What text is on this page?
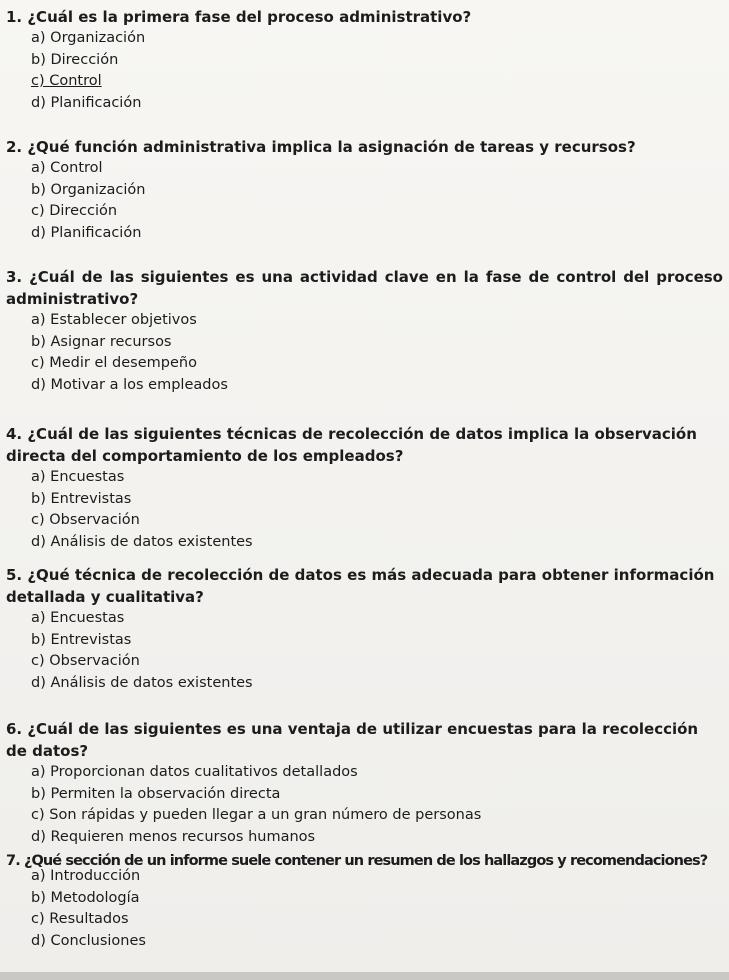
1. ¿Cuál es la primera fase del proceso administrativo?

a) Organización
b) Dirección
c) Control
d) Planificación

2. ¿Qué función administrativa implica la asignación de tareas y recursos?

a) Control
b) Organización
c) Dirección
d) Planificación

3. ¿Cuál de las siguientes es una actividad clave en la fase de control del proceso administrativo?

a) Establecer objetivos
b) Asignar recursos
c) Medir el desempeño
d) Motivar a los empleados

4. ¿Cuál de las siguientes técnicas de recolección de datos implica la observación directa del comportamiento de los empleados?

a) Encuestas
b) Entrevistas
c) Observación
d) Análisis de datos existentes

5. ¿Qué técnica de recolección de datos es más adecuada para obtener información detallada y cualitativa?

a) Encuestas
b) Entrevistas
c) Observación
d) Análisis de datos existentes

6. ¿Cuál de las siguientes es una ventaja de utilizar encuestas para la recolección de datos?

a) Proporcionan datos cualitativos detallados
b) Permiten la observación directa
c) Son rápidas y pueden llegar a un gran número de personas
d) Requieren menos recursos humanos

7. ¿Qué sección de un informe suele contener un resumen de los hallazgos y recomendaciones?

a) Introducción
b) Metodología
c) Resultados
d) Conclusiones
